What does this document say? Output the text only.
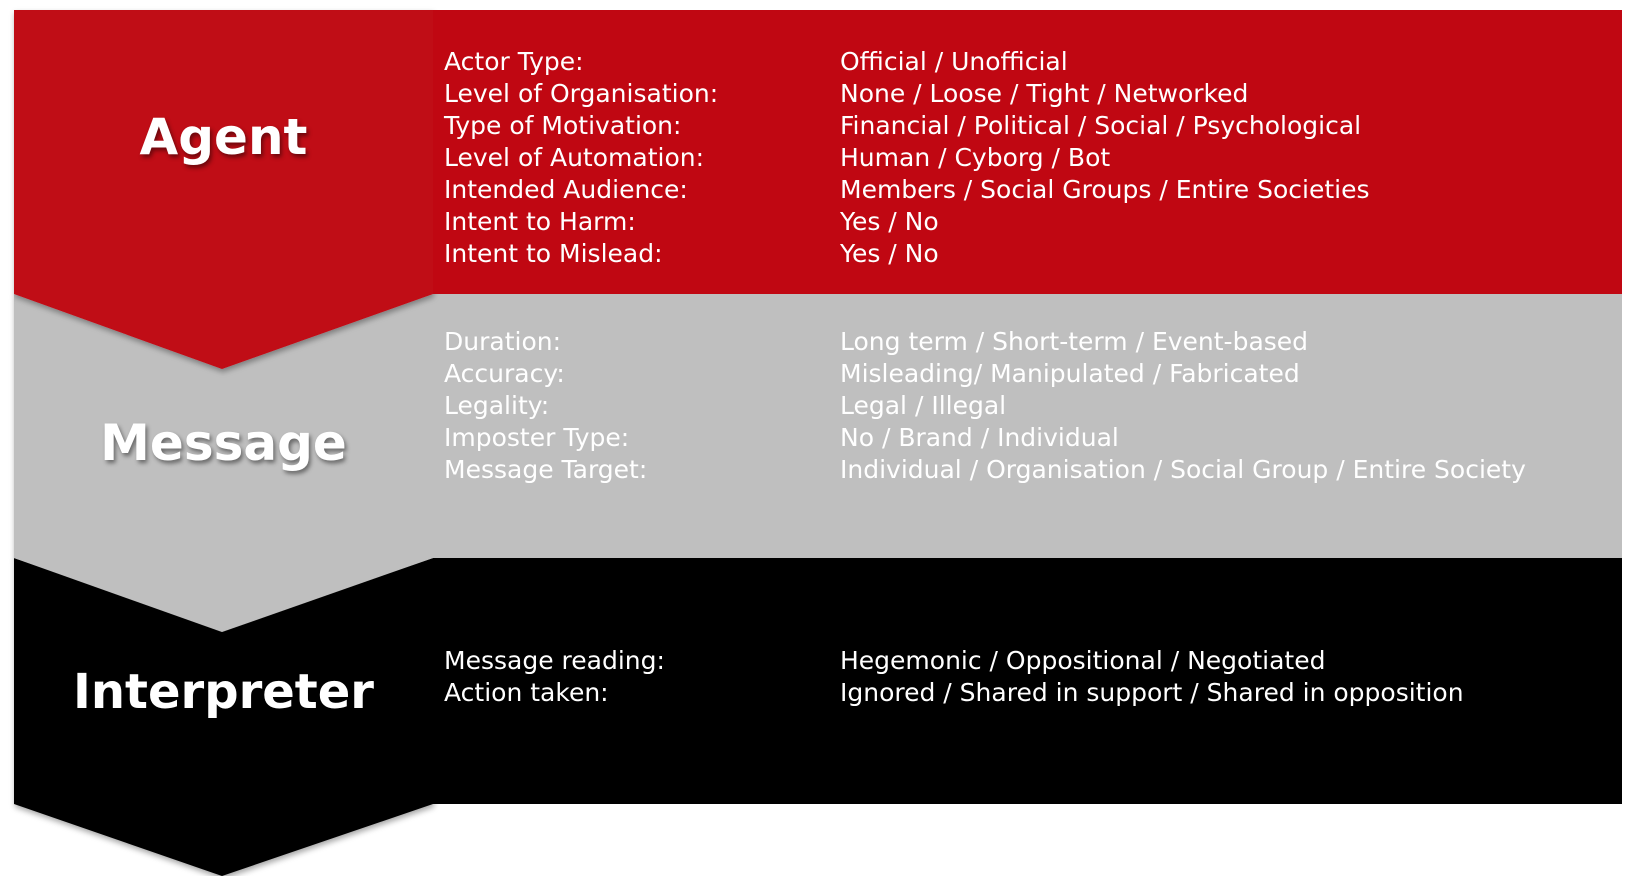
Agent
Message
Interpreter
Actor Type:	Official / Unofficial
Level of Organisation:	None / Loose / Tight / Networked
Type of Motivation:	Financial / Political / Social / Psychological
Level of Automation:	Human / Cyborg / Bot
Intended Audience:	Members / Social Groups / Entire Societies
Intent to Harm:	Yes / No
Intent to Mislead:	Yes / No
Duration:	Long term / Short-term / Event-based
Accuracy:	Misleading/ Manipulated / Fabricated
Legality:	Legal / Illegal
Imposter Type:	No / Brand / Individual
Message Target:	Individual / Organisation / Social Group / Entire Society
Message reading:	Hegemonic / Oppositional / Negotiated
Action taken:	Ignored / Shared in support / Shared in opposition
